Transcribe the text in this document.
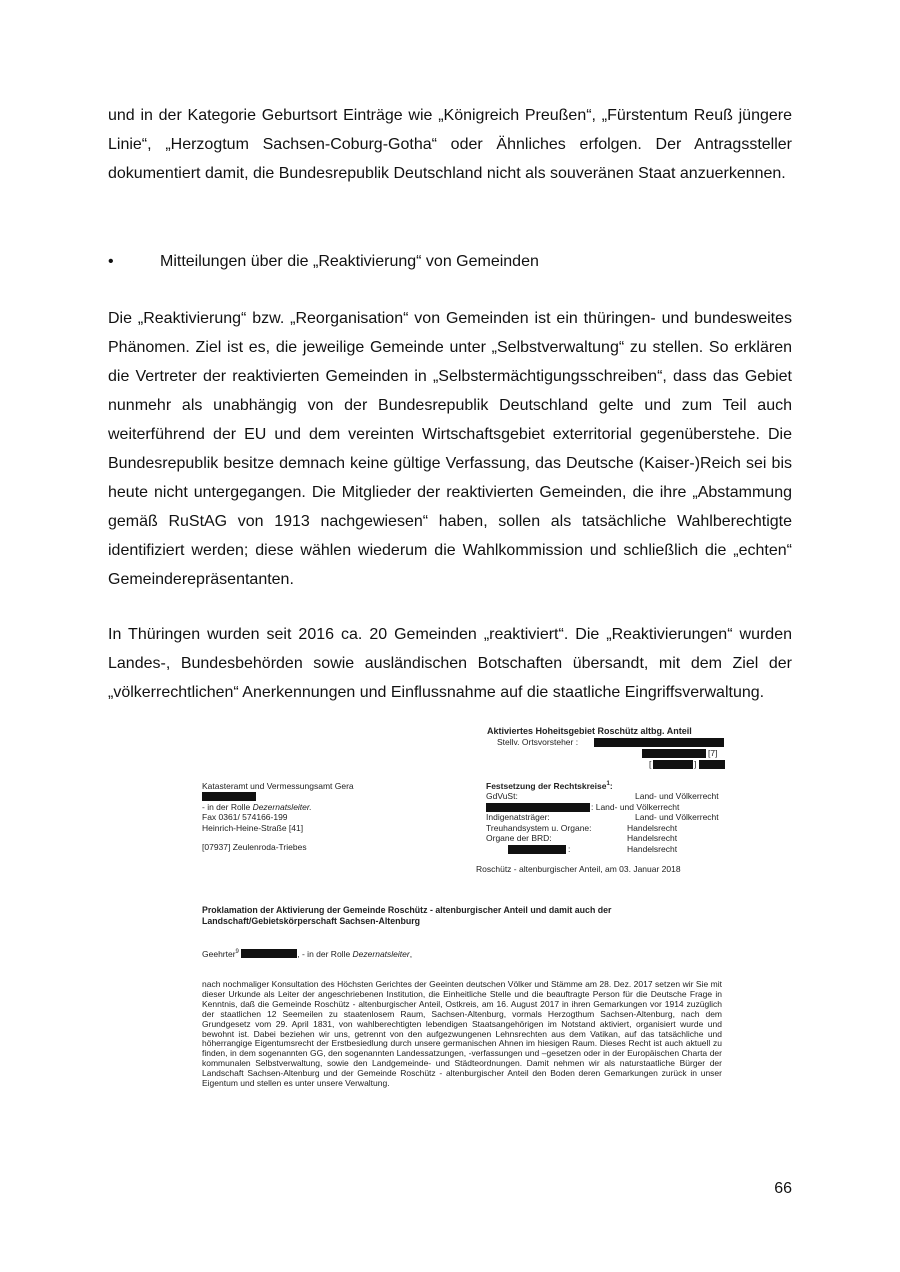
und in der Kategorie Geburtsort Einträge wie „Königreich Preußen“, „Fürstentum Reuß jüngere Linie“, „Herzogtum Sachsen-Coburg-Gotha“ oder Ähnliches erfolgen. Der Antragssteller dokumentiert damit, die Bundesrepublik Deutschland nicht als souveränen Staat anzuerkennen.

•	Mitteilungen über die „Reaktivierung“ von Gemeinden

Die „Reaktivierung“ bzw. „Reorganisation“ von Gemeinden ist ein thüringen- und bundesweites Phänomen. Ziel ist es, die jeweilige Gemeinde unter „Selbstverwaltung“ zu stellen. So erklären die Vertreter der reaktivierten Gemeinden in „Selbstermächtigungsschreiben“, dass das Gebiet nunmehr als unabhängig von der Bundesrepublik Deutschland gelte und zum Teil auch weiterführend der EU und dem vereinten Wirtschaftsgebiet exterritorial gegenüberstehe. Die Bundesrepublik besitze demnach keine gültige Verfassung, das Deutsche (Kaiser-)Reich sei bis heute nicht untergegangen. Die Mitglieder der reaktivierten Gemeinden, die ihre „Abstammung gemäß RuStAG von 1913 nachgewiesen“ haben, sollen als tatsächliche Wahlberechtigte identifiziert werden; diese wählen wiederum die Wahlkommission und schließlich die „echten“ Gemeinderepräsentanten.

In Thüringen wurden seit 2016 ca. 20 Gemeinden „reaktiviert“. Die „Reaktivierungen“ wurden Landes-, Bundesbehörden sowie ausländischen Botschaften übersandt, mit dem Ziel der „völkerrechtlichen“ Anerkennungen und Einflussnahme auf die staatliche Eingriffsverwaltung.

Aktiviertes Hoheitsgebiet Roschütz altbg. Anteil
Stellv. Ortsvorsteher :
[7]
[	]
Katasteramt und Vermessungsamt Gera
- in der Rolle Dezernatsleiter.
Fax 0361/ 574166-199
Heinrich-Heine-Straße [41]
[07937] Zeulenroda-Triebes
Festsetzung der Rechtskreise$^1$:
GdVuSt:	Land- und Völkerrecht
: Land- und Völkerrecht
Indigenatsträger:	Land- und Völkerrecht
Treuhandsystem u. Organe:	Handelsrecht
Organe der BRD:	Handelsrecht
:	Handelsrecht
Roschütz - altenburgischer Anteil, am 03. Januar 2018
Proklamation der Aktivierung der Gemeinde Roschütz - altenburgischer Anteil und damit auch der Landschaft/Gebietskörperschaft Sachsen-Altenburg
Geehrter$^9$	, - in der Rolle Dezernatsleiter,
nach nochmaliger Konsultation des Höchsten Gerichtes der Geeinten deutschen Völker und Stämme am 28. Dez. 2017 setzen wir Sie mit dieser Urkunde als Leiter der angeschriebenen Institution, die Einheitliche Stelle und die beauftragte Person für die Deutsche Frage in Kenntnis, daß die Gemeinde Roschütz - altenburgischer Anteil, Ostkreis, am 16. August 2017 in ihren Gemarkungen vor 1914 zuzüglich der staatlichen 12 Seemeilen zu staatenlosem Raum, Sachsen-Altenburg, vormals Herzogthum Sachsen-Altenburg, nach dem Grundgesetz vom 29. April 1831, von wahlberechtigten lebendigen Staatsangehörigen im Notstand aktiviert, organisiert wurde und bewohnt ist. Dabei beziehen wir uns, getrennt von den aufgezwungenen Lehnsrechten aus dem Vatikan, auf das tatsächliche und höherrangige Eigentumsrecht der Erstbesiedlung durch unsere germanischen Ahnen im hiesigen Raum. Dieses Recht ist auch aktuell zu finden, in dem sogenannten GG, den sogenannten Landessatzungen, -verfassungen und –gesetzen oder in der Europäischen Charta der kommunalen Selbstverwaltung, sowie den Landgemeinde- und Städteordnungen. Damit nehmen wir als naturstaatliche Bürger der Landschaft Sachsen-Altenburg und der Gemeinde Roschütz - altenburgischer Anteil den Boden deren Gemarkungen zurück in unser Eigentum und stellen es unter unsere Verwaltung.
66
